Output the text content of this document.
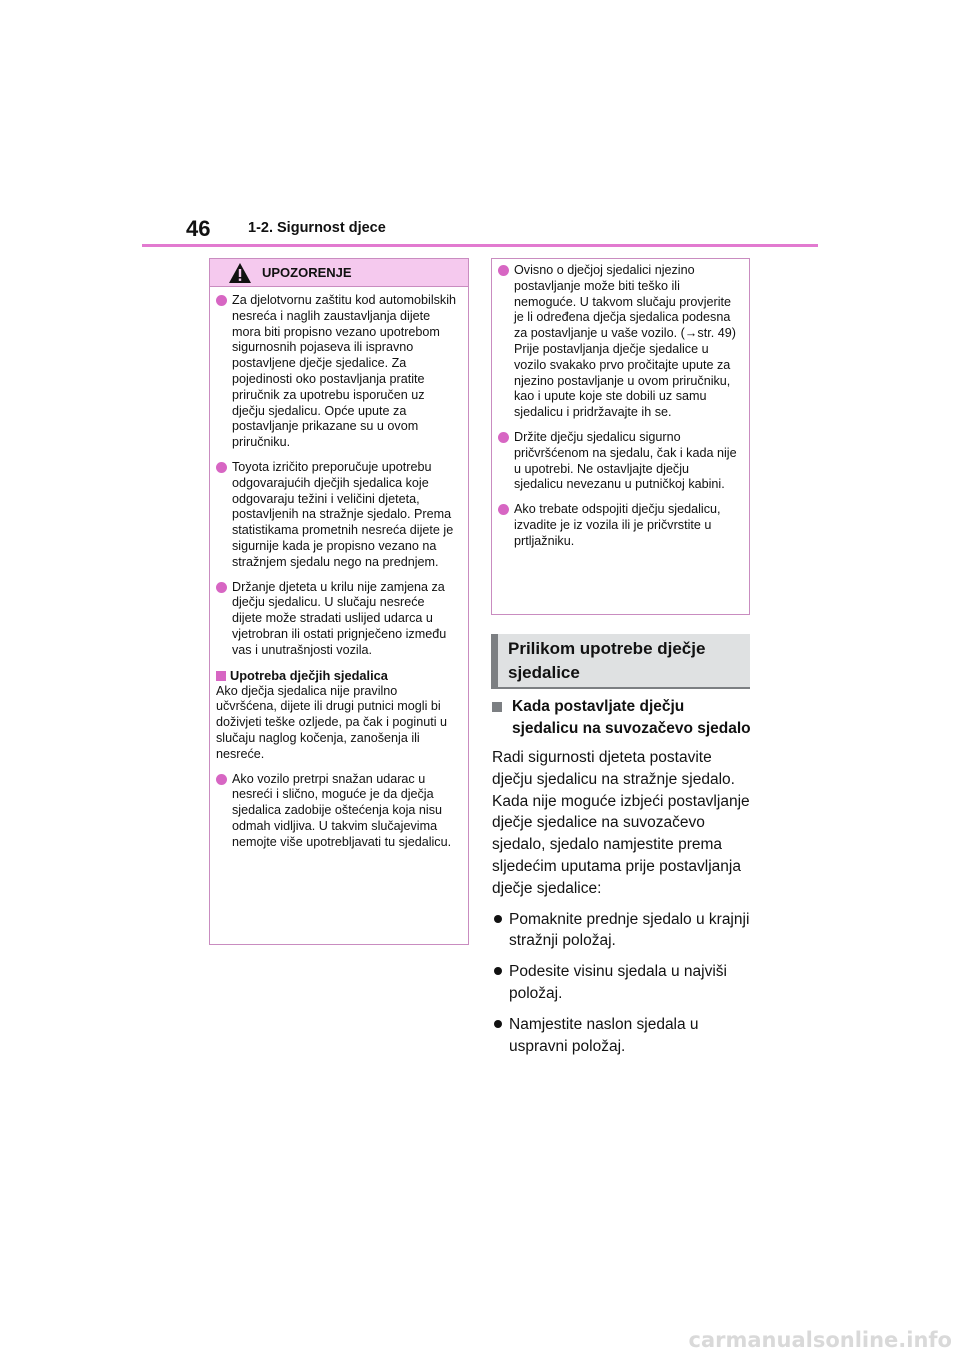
46	1-2. Sigurnost djece
UPOZORENJE
Za djelotvornu zaštitu kod automobilskih nesreća i naglih zaustavljanja dijete mora biti propisno vezano upotrebom sigurnosnih pojaseva ili ispravno postavljene dječje sjedalice. Za pojedinosti oko postavljanja pratite priručnik za upotrebu isporučen uz dječju sjedalicu. Opće upute za postavljanje prikazane su u ovom priručniku.
Toyota izričito preporučuje upotrebu odgovarajućih dječjih sjedalica koje odgovaraju težini i veličini djeteta, postavljenih na stražnje sjedalo. Prema statistikama prometnih nesreća dijete je sigurnije kada je propisno vezano na stražnjem sjedalu nego na prednjem.
Držanje djeteta u krilu nije zamjena za dječju sjedalicu. U slučaju nesreće dijete može stradati uslijed udarca u vjetrobran ili ostati prignječeno između vas i unutrašnjosti vozila.
Upotreba dječjih sjedalica
Ako dječja sjedalica nije pravilno učvršćena, dijete ili drugi putnici mogli bi doživjeti teške ozljede, pa čak i poginuti u slučaju naglog kočenja, zanošenja ili nesreće.
Ako vozilo pretrpi snažan udarac u nesreći i slično, moguće je da dječja sjedalica zadobije oštećenja koja nisu odmah vidljiva. U takvim slučajevima nemojte više upotrebljavati tu sjedalicu.
Ovisno o dječjoj sjedalici njezino postavljanje može biti teško ili nemoguće. U takvom slučaju provjerite je li određena dječja sjedalica podesna za postavljanje u vaše vozilo. (→str. 49) Prije postavljanja dječje sjedalice u vozilo svakako prvo pročitajte upute za njezino postavljanje u ovom priručniku, kao i upute koje ste dobili uz samu sjedalicu i pridržavajte ih se.
Držite dječju sjedalicu sigurno pričvršćenom na sjedalu, čak i kada nije u upotrebi. Ne ostavljajte dječju sjedalicu nevezanu u putničkoj kabini.
Ako trebate odspojiti dječju sjedalicu, izvadite je iz vozila ili je pričvrstite u prtljažniku.
Prilikom upotrebe dječje sjedalice
Kada postavljate dječju sjedalicu na suvozačevo sjedalo
Radi sigurnosti djeteta postavite dječju sjedalicu na stražnje sjedalo. Kada nije moguće izbjeći postavljanje dječje sjedalice na suvozačevo sjedalo, sjedalo namjestite prema sljedećim uputama prije postavljanja dječje sjedalice:
Pomaknite prednje sjedalo u krajnji stražnji položaj.
Podesite visinu sjedala u najviši položaj.
Namjestite naslon sjedala u uspravni položaj.
carmanualsonline.info
